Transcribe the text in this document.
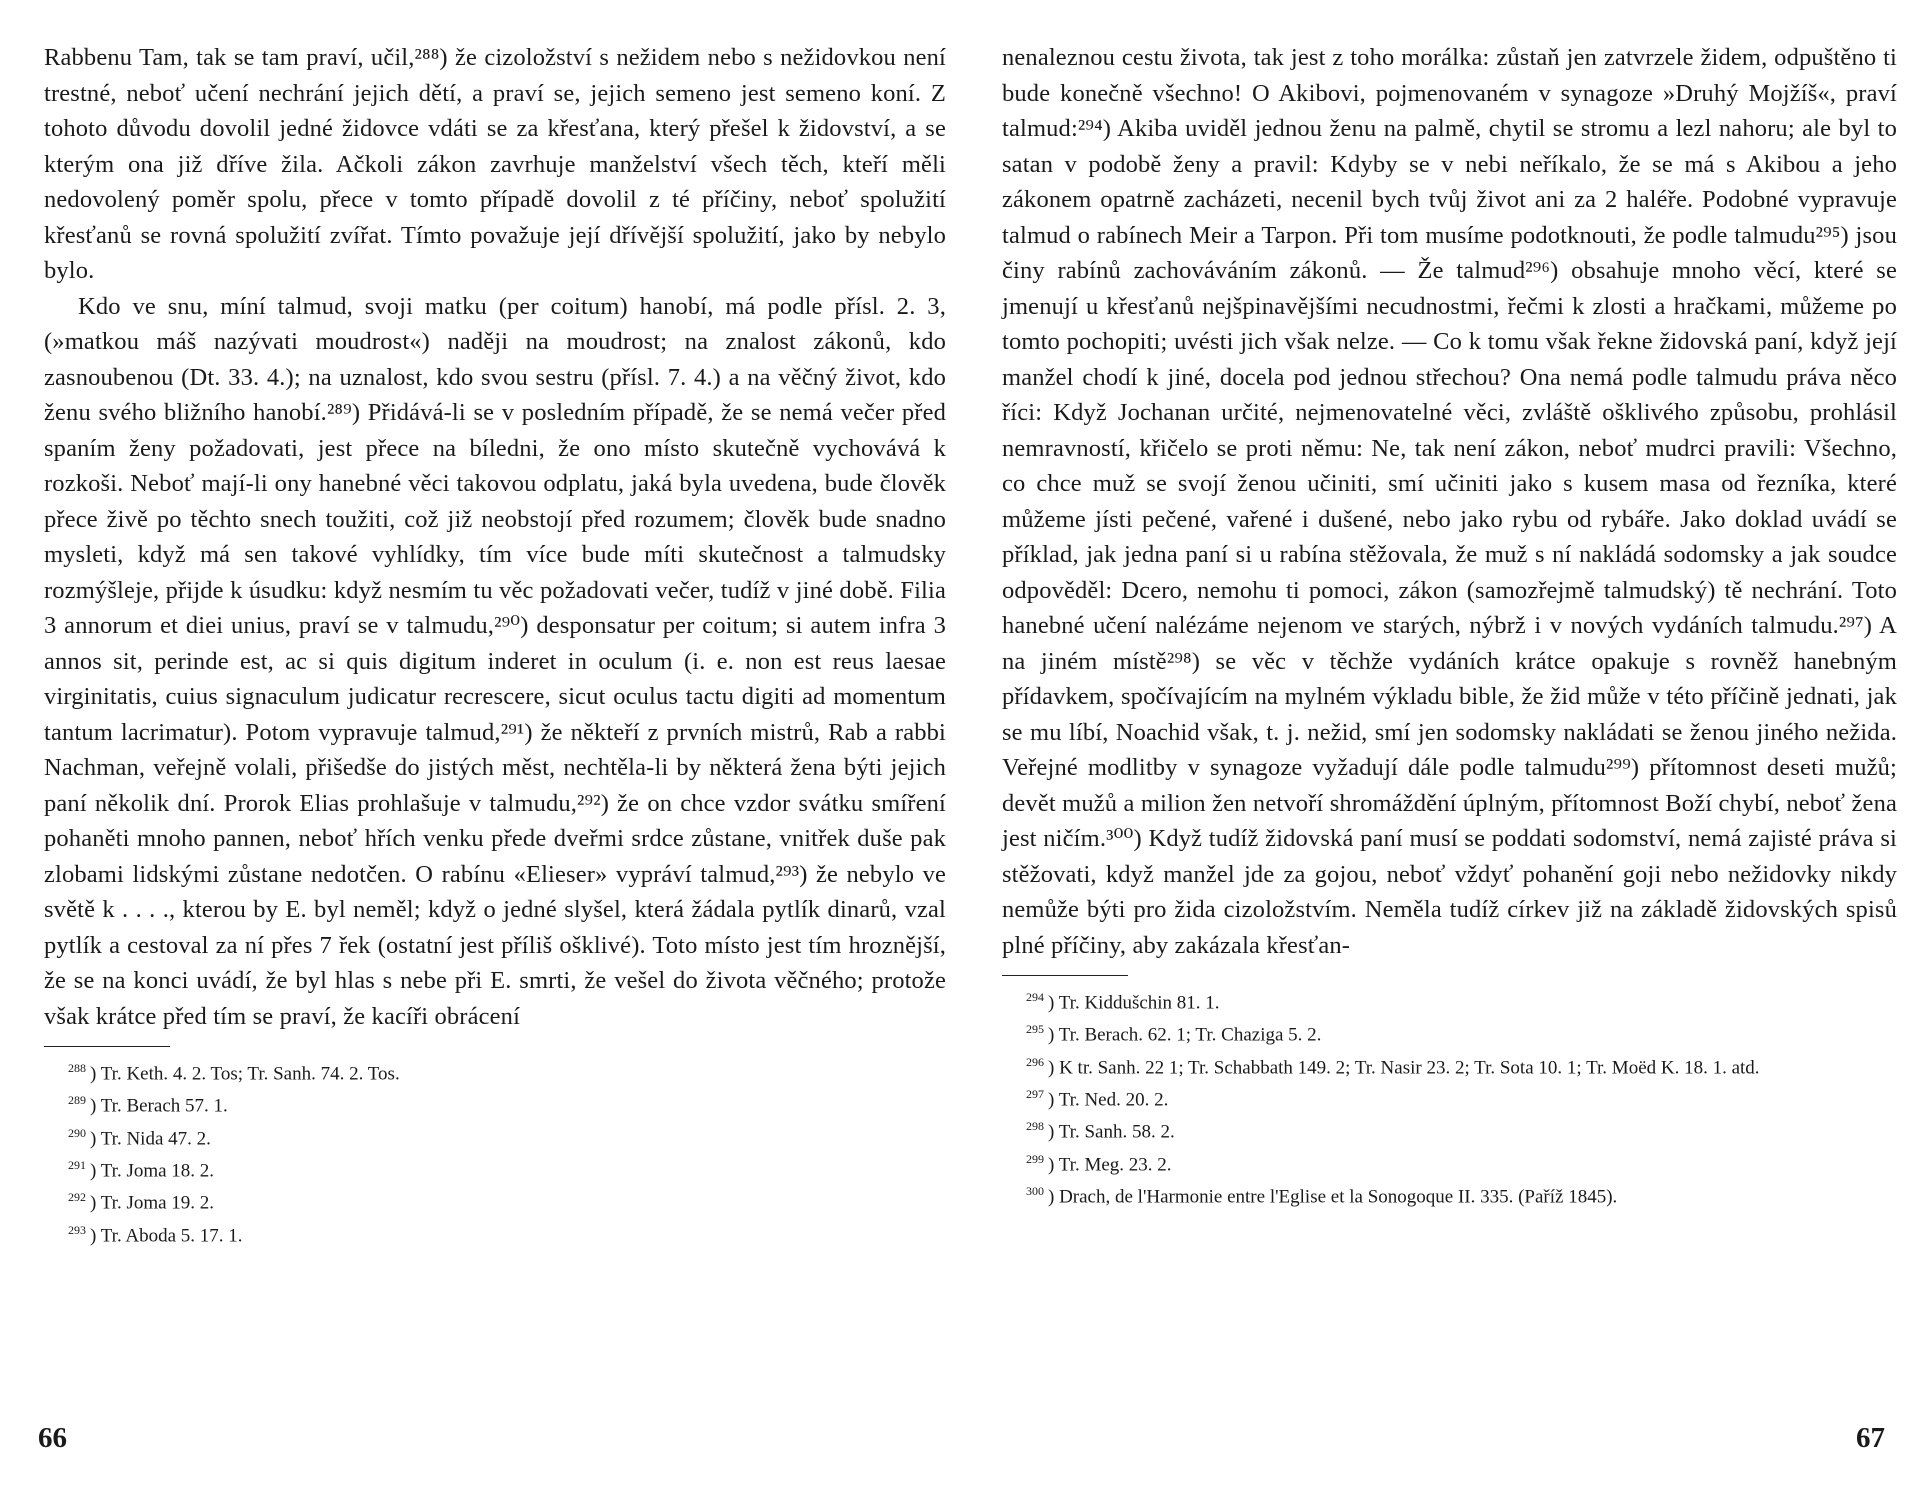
Rabbenu Tam, tak se tam praví, učil,²⁸⁸) že cizoložství s nežidem nebo s nežidovkou není trestné, neboť učení nechrání jejich dětí, a praví se, jejich semeno jest semeno koní. Z tohoto důvodu dovolil jedné židovce vdáti se za křesťana, který přešel k židovství, a se kterým ona již dříve žila. Ačkoli zákon zavrhuje manželství všech těch, kteří měli nedovolený poměr spolu, přece v tomto případě dovolil z té příčiny, neboť spolužití křesťanů se rovná spolužití zvířat. Tímto považuje její dřívější spolužití, jako by nebylo bylo.

Kdo ve snu, míní talmud, svoji matku (per coitum) hanobí, má podle přísl. 2. 3, (»matkou máš nazývati moudrost«) naději na moudrost; na znalost zákonů, kdo zasnoubenou (Dt. 33. 4.); na uznalost, kdo svou sestru (přísl. 7. 4.) a na věčný život, kdo ženu svého bližního hanobí.²⁸⁹) Přidává-li se v posledním případě, že se nemá večer před spaním ženy požadovati, jest přece na bíledni, že ono místo skutečně vychovává k rozkoši. Neboť mají-li ony hanebné věci takovou odplatu, jaká byla uvedena, bude člověk přece živě po těchto snech toužiti, což již neobstojí před rozumem; člověk bude snadno mysleti, když má sen takové vyhlídky, tím více bude míti skutečnost a talmudsky rozmýšleje, přijde k úsudku: když nesmím tu věc požadovati večer, tudíž v jiné době. Filia 3 annorum et diei unius, praví se v talmudu,²⁹⁰) desponsatur per coitum; si autem infra 3 annos sit, perinde est, ac si quis digitum inderet in oculum (i. e. non est reus laesae virginitatis, cuius signaculum judicatur recrescere, sicut oculus tactu digiti ad momentum tantum lacrimatur). Potom vypravuje talmud,²⁹¹) že někteří z prvních mistrů, Rab a rabbi Nachman, veřejně volali, přišedše do jistých měst, nechtěla-li by některá žena býti jejich paní několik dní. Prorok Elias prohlašuje v talmudu,²⁹²) že on chce vzdor svátku smíření pohaněti mnoho pannen, neboť hřích venku přede dveřmi srdce zůstane, vnitřek duše pak zlobami lidskými zůstane nedotčen. O rabínu «Elieser» vypráví talmud,²⁹³) že nebylo ve světě k . . . ., kterou by E. byl neměl; když o jedné slyšel, která žádala pytlík dinarů, vzal pytlík a cestoval za ní přes 7 řek (ostatní jest příliš ošklivé). Toto místo jest tím hroznější, že se na konci uvádí, že byl hlas s nebe při E. smrti, že vešel do života věčného; protože však krátce před tím se praví, že kacíři obrácení

$^{288}$ ) Tr. Keth. 4. 2. Tos; Tr. Sanh. 74. 2. Tos.

$^{289}$ ) Tr. Berach 57. 1.

$^{290}$ ) Tr. Nida 47. 2.

$^{291}$ ) Tr. Joma 18. 2.

$^{292}$ ) Tr. Joma 19. 2.

$^{293}$ ) Tr. Aboda 5. 17. 1.

66

nenaleznou cestu života, tak jest z toho morálka: zůstaň jen zatvrzele židem, odpuštěno ti bude konečně všechno! O Akibovi, pojmenovaném v synagoze »Druhý Mojžíš«, praví talmud:²⁹⁴) Akiba uviděl jednou ženu na palmě, chytil se stromu a lezl nahoru; ale byl to satan v podobě ženy a pravil: Kdyby se v nebi neříkalo, že se má s Akibou a jeho zákonem opatrně zacházeti, necenil bych tvůj život ani za 2 haléře. Podobné vypravuje talmud o rabínech Meir a Tarpon. Při tom musíme podotknouti, že podle talmudu²⁹⁵) jsou činy rabínů zachováváním zákonů. — Že talmud²⁹⁶) obsahuje mnoho věcí, které se jmenují u křesťanů nejšpinavějšími necudnostmi, řečmi k zlosti a hračkami, můžeme po tomto pochopiti; uvésti jich však nelze. — Co k tomu však řekne židovská paní, když její manžel chodí k jiné, docela pod jednou střechou? Ona nemá podle talmudu práva něco říci: Když Jochanan určité, nejmenovatelné věci, zvláště ošklivého způsobu, prohlásil nemravností, křičelo se proti němu: Ne, tak není zákon, neboť mudrci pravili: Všechno, co chce muž se svojí ženou učiniti, smí učiniti jako s kusem masa od řezníka, které můžeme jísti pečené, vařené i dušené, nebo jako rybu od rybáře. Jako doklad uvádí se příklad, jak jedna paní si u rabína stěžovala, že muž s ní nakládá sodomsky a jak soudce odpověděl: Dcero, nemohu ti pomoci, zákon (samozřejmě talmudský) tě nechrání. Toto hanebné učení nalézáme nejenom ve starých, nýbrž i v nových vydáních talmudu.²⁹⁷) A na jiném místě²⁹⁸) se věc v těchže vydáních krátce opakuje s rovněž hanebným přídavkem, spočívajícím na mylném výkladu bible, že žid může v této příčině jednati, jak se mu líbí, Noachid však, t. j. nežid, smí jen sodomsky nakládati se ženou jiného nežida. Veřejné modlitby v synagoze vyžadují dále podle talmudu²⁹⁹) přítomnost deseti mužů; devět mužů a milion žen netvoří shromáždění úplným, přítomnost Boží chybí, neboť žena jest ničím.³⁰⁰) Když tudíž židovská paní musí se poddati sodomství, nemá zajisté práva si stěžovati, když manžel jde za gojou, neboť vždyť pohanění goji nebo nežidovky nikdy nemůže býti pro žida cizoložstvím. Neměla tudíž církev již na základě židovských spisů plné příčiny, aby zakázala křesťan-

$^{294}$ ) Tr. Kiddušchin 81. 1.

$^{295}$ ) Tr. Berach. 62. 1; Tr. Chaziga 5. 2.

$^{296}$ ) K tr. Sanh. 22 1; Tr. Schabbath 149. 2; Tr. Nasir 23. 2; Tr. Sota 10. 1; Tr. Moëd K. 18. 1. atd.

$^{297}$ ) Tr. Ned. 20. 2.

$^{298}$ ) Tr. Sanh. 58. 2.

$^{299}$ ) Tr. Meg. 23. 2.

$^{300}$ ) Drach, de l'Harmonie entre l'Eglise et la Sonogoque II. 335. (Paříž 1845).

67
